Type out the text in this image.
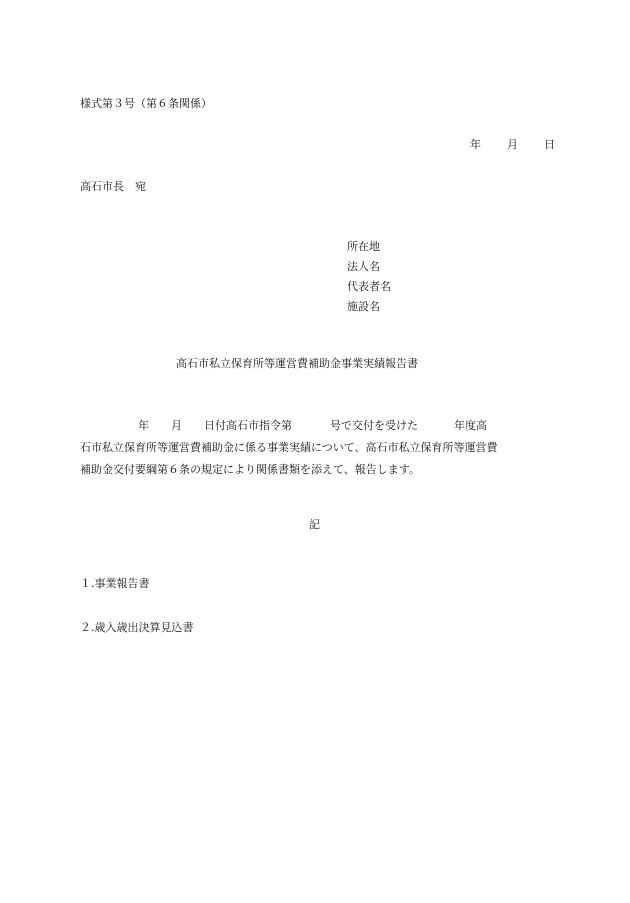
様式第３号（第６条関係）
年 月 日
高石市長　宛
所在地
法人名
代表者名
施設名
高石市私立保育所等運営費補助金事業実績報告書
年 月 日付高石市指令第	号で交付を受けた	年度高
石市私立保育所等運営費補助金に係る事業実績について、高石市私立保育所等運営費
補助金交付要綱第６条の規定により関係書類を添えて、報告します。
記
１.事業報告書
２.歳入歳出決算見込書
